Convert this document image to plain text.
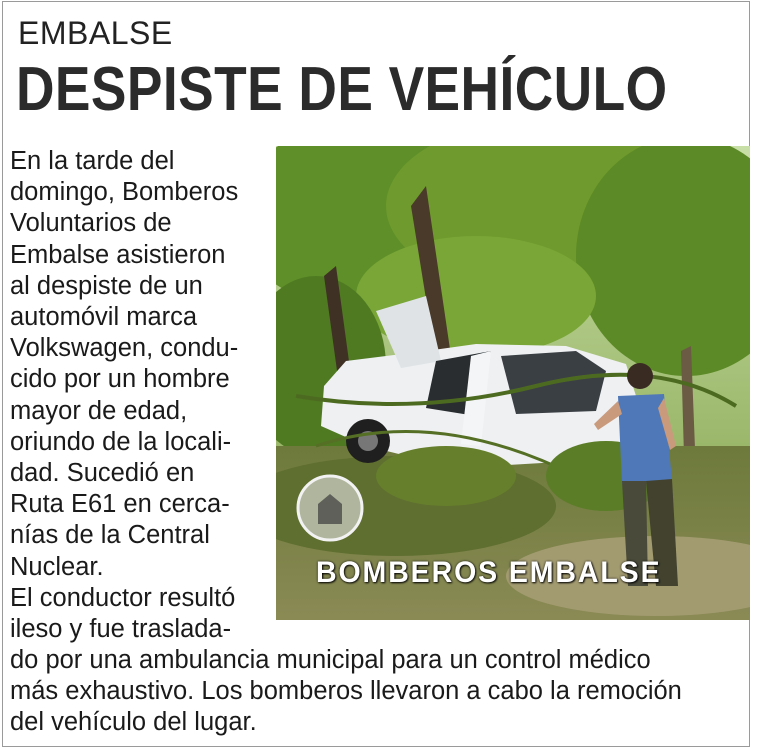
EMBALSE
DESPISTE DE VEHÍCULO
En la tarde del
domingo, Bomberos
Voluntarios de
Embalse asistieron
al despiste de un
automóvil marca
Volkswagen, condu-
cido por un hombre
mayor de edad,
oriundo de la locali-
dad. Sucedió en
Ruta E61 en cerca-
nías de la Central
Nuclear.
El conductor resultó
ileso y fue traslada-
do por una ambulancia municipal para un control médico
más exhaustivo. Los bomberos llevaron a cabo la remoción
del vehículo del lugar.
BOMBEROS EMBALSE
